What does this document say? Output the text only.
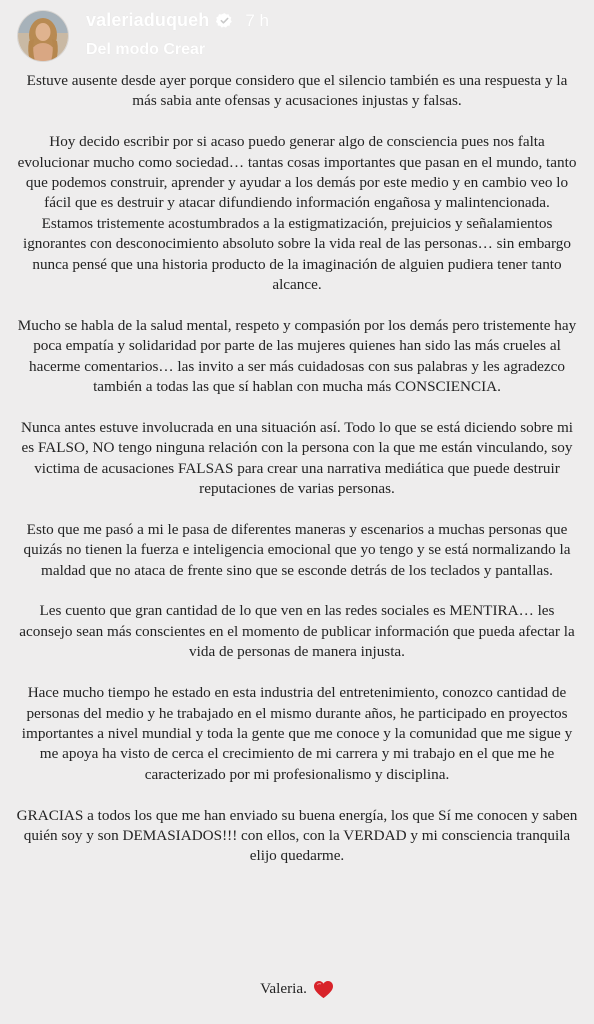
valeriaduqueh 7 h
Del modo Crear

Estuve ausente desde ayer porque considero que el silencio también es una respuesta y la más sabia ante ofensas y acusaciones injustas y falsas.

Hoy decido escribir por si acaso puedo generar algo de consciencia pues nos falta evolucionar mucho como sociedad… tantas cosas importantes que pasan en el mundo, tanto que podemos construir, aprender y ayudar a los demás por este medio y en cambio veo lo fácil que es destruir y atacar difundiendo información engañosa y malintencionada.

Estamos tristemente acostumbrados a la estigmatización, prejuicios y señalamientos ignorantes con desconocimiento absoluto sobre la vida real de las personas… sin embargo nunca pensé que una historia producto de la imaginación de alguien pudiera tener tanto alcance.

Mucho se habla de la salud mental, respeto y compasión por los demás pero tristemente hay poca empatía y solidaridad por parte de las mujeres quienes han sido las más crueles al hacerme comentarios… las invito a ser más cuidadosas con sus palabras y les agradezco también a todas las que sí hablan con mucha más CONSCIENCIA.

Nunca antes estuve involucrada en una situación así. Todo lo que se está diciendo sobre mi es FALSO, NO tengo ninguna relación con la persona con la que me están vinculando, soy victima de acusaciones FALSAS para crear una narrativa mediática que puede destruir reputaciones de varias personas.

Esto que me pasó a mi le pasa de diferentes maneras y escenarios a muchas personas que quizás no tienen la fuerza e inteligencia emocional que yo tengo y se está normalizando la maldad que no ataca de frente sino que se esconde detrás de los teclados y pantallas.

Les cuento que gran cantidad de lo que ven en las redes sociales es MENTIRA… les aconsejo sean más conscientes en el momento de publicar información que pueda afectar la vida de personas de manera injusta.

Hace mucho tiempo he estado en esta industria del entretenimiento, conozco cantidad de personas del medio y he trabajado en el mismo durante años, he participado en proyectos importantes a nivel mundial y toda la gente que me conoce y la comunidad que me sigue y me apoya ha visto de cerca el crecimiento de mi carrera y mi trabajo en el que me he caracterizado por mi profesionalismo y disciplina.

GRACIAS a todos los que me han enviado su buena energía, los que Sí me conocen y saben quién soy y son DEMASIADOS!!! con ellos, con la VERDAD y mi consciencia tranquila elijo quedarme.

Valeria.
